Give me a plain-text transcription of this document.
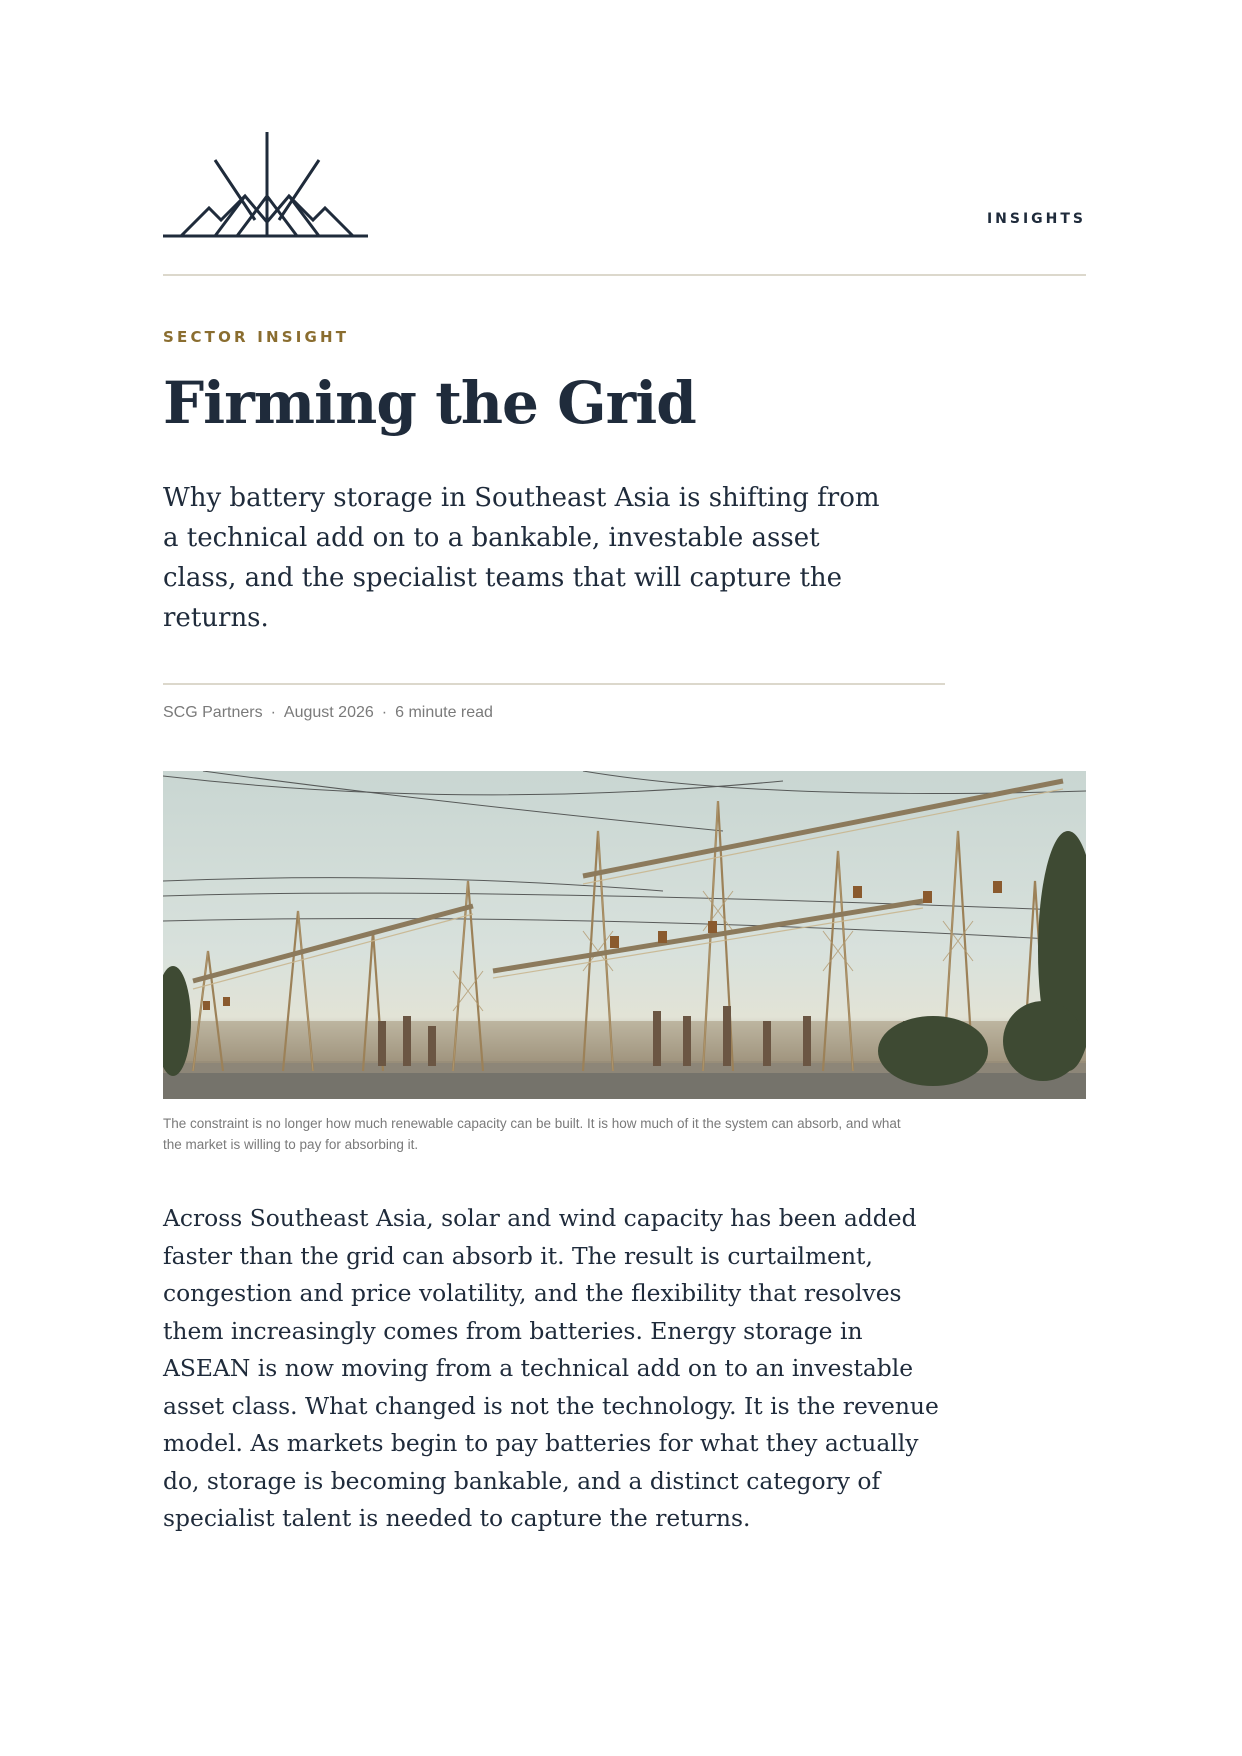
INSIGHTS
SECTOR INSIGHT
Firming the Grid

Why battery storage in Southeast Asia is shifting from a technical add on to a bankable, investable asset class, and the specialist teams that will capture the returns.

SCG Partners · August 2026 · 6 minute read

The constraint is no longer how much renewable capacity can be built. It is how much of it the system can absorb, and what the market is willing to pay for absorbing it.

Across Southeast Asia, solar and wind capacity has been added faster than the grid can absorb it. The result is curtailment, congestion and price volatility, and the flexibility that resolves them increasingly comes from batteries. Energy storage in ASEAN is now moving from a technical add on to an investable asset class. What changed is not the technology. It is the revenue model. As markets begin to pay batteries for what they actually do, storage is becoming bankable, and a distinct category of specialist talent is needed to capture the returns.
